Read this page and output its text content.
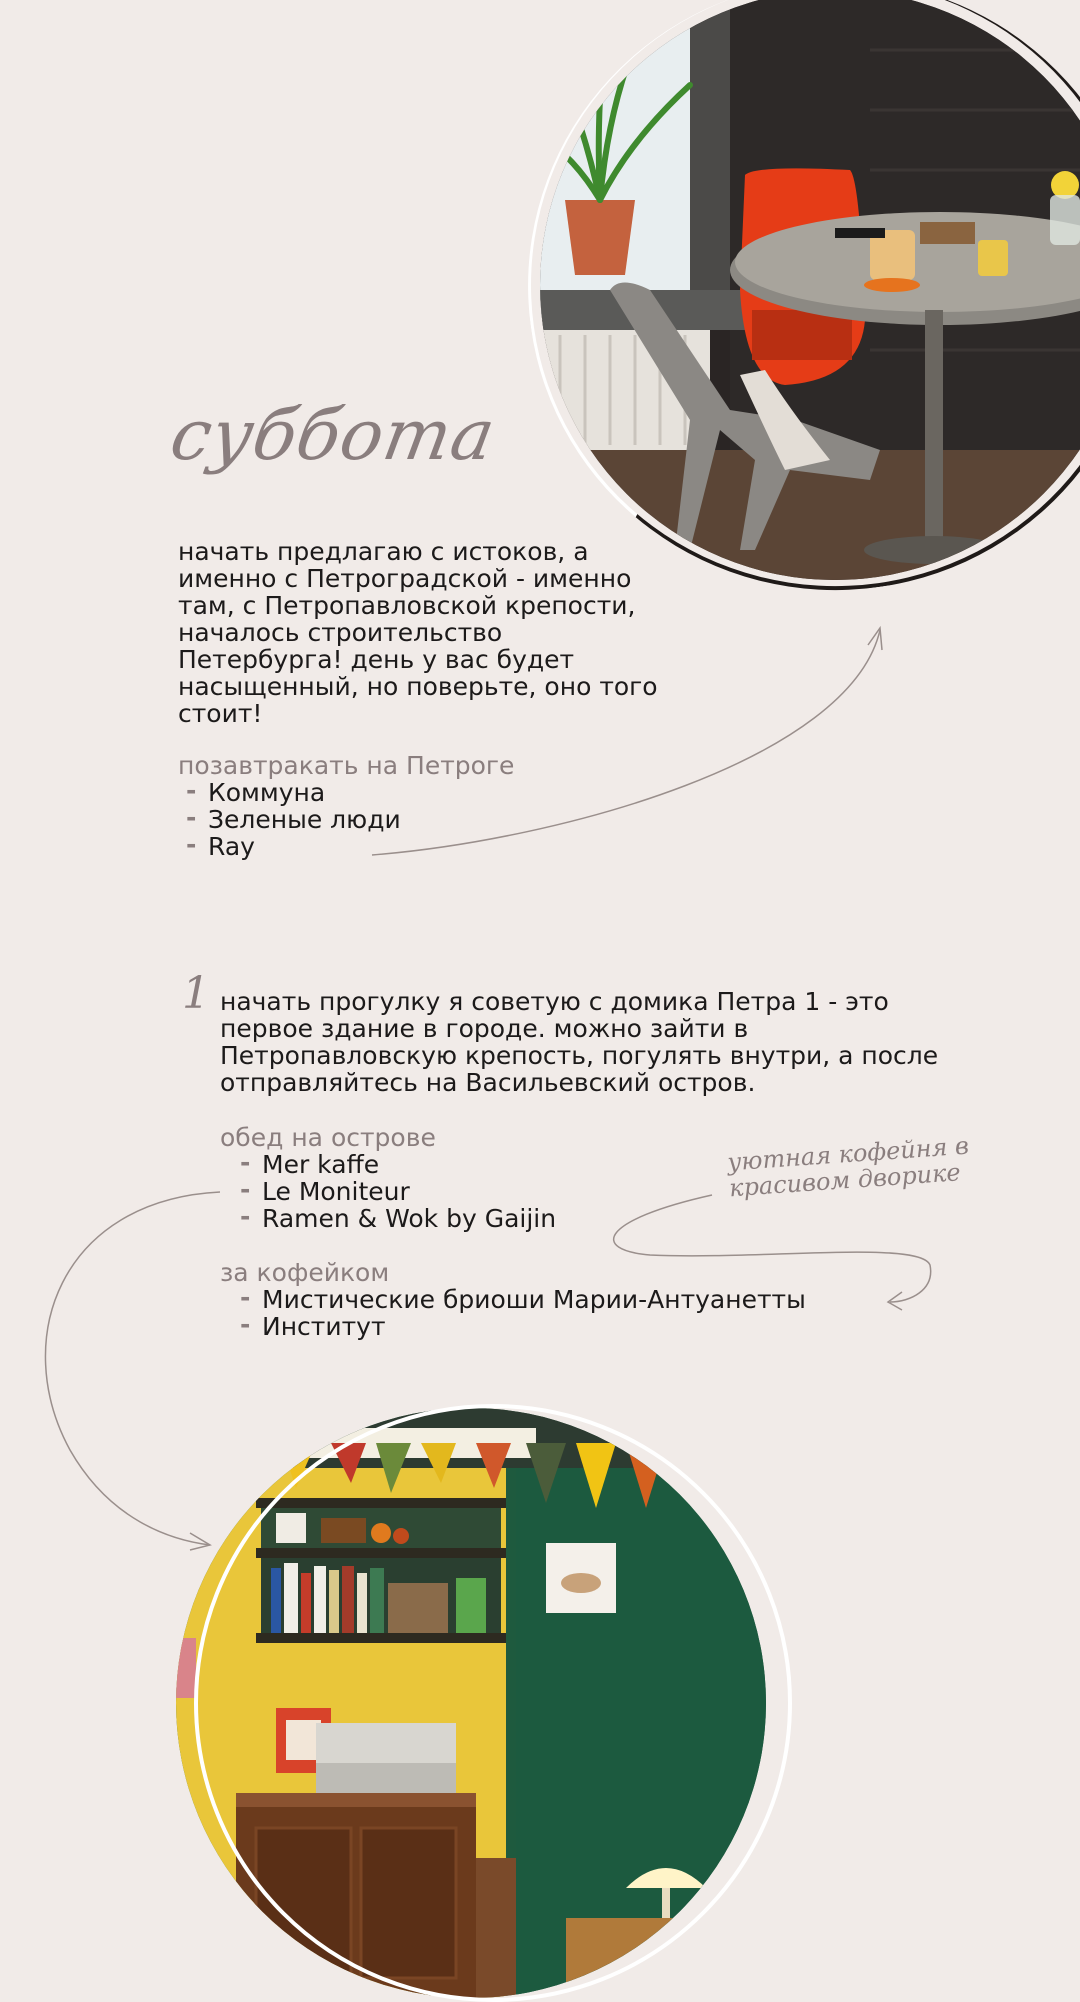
суббота
начать предлагаю с истоков, а именно с Петроградской - именно там, с Петропавловской крепости, началось строительство Петербурга! день у вас будет насыщенный, но поверьте, оно того стоит!
позавтракать на Петроге
- Коммуна
- Зеленые люди
- Ray
1 начать прогулку я советую с домика Петра 1 - это первое здание в городе. можно зайти в Петропавловскую крепость, погулять внутри, а после отправляйтесь на Васильевский остров.
обед на острове
- Mer kaffe
- Le Moniteur
- Ramen & Wok by Gaijin
уютная кофейня в красивом дворике
за кофейком
- Мистические бриоши Марии-Антуанетты
- Институт
